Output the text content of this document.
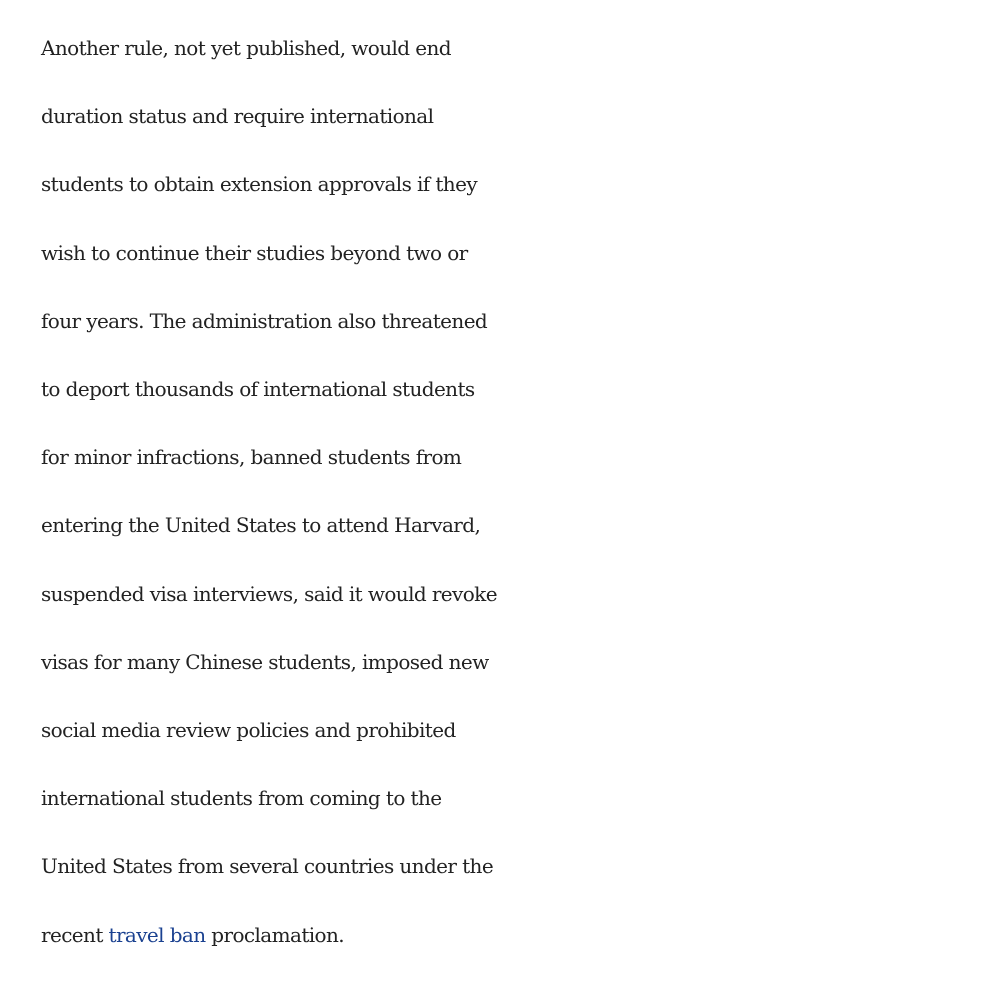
Another rule, not yet published, would end
duration status and require international
students to obtain extension approvals if they
wish to continue their studies beyond two or
four years. The administration also threatened
to deport thousands of international students
for minor infractions, banned students from
entering the United States to attend Harvard,
suspended visa interviews, said it would revoke
visas for many Chinese students, imposed new
social media review policies and prohibited
international students from coming to the
United States from several countries under the
recent travel ban proclamation.
